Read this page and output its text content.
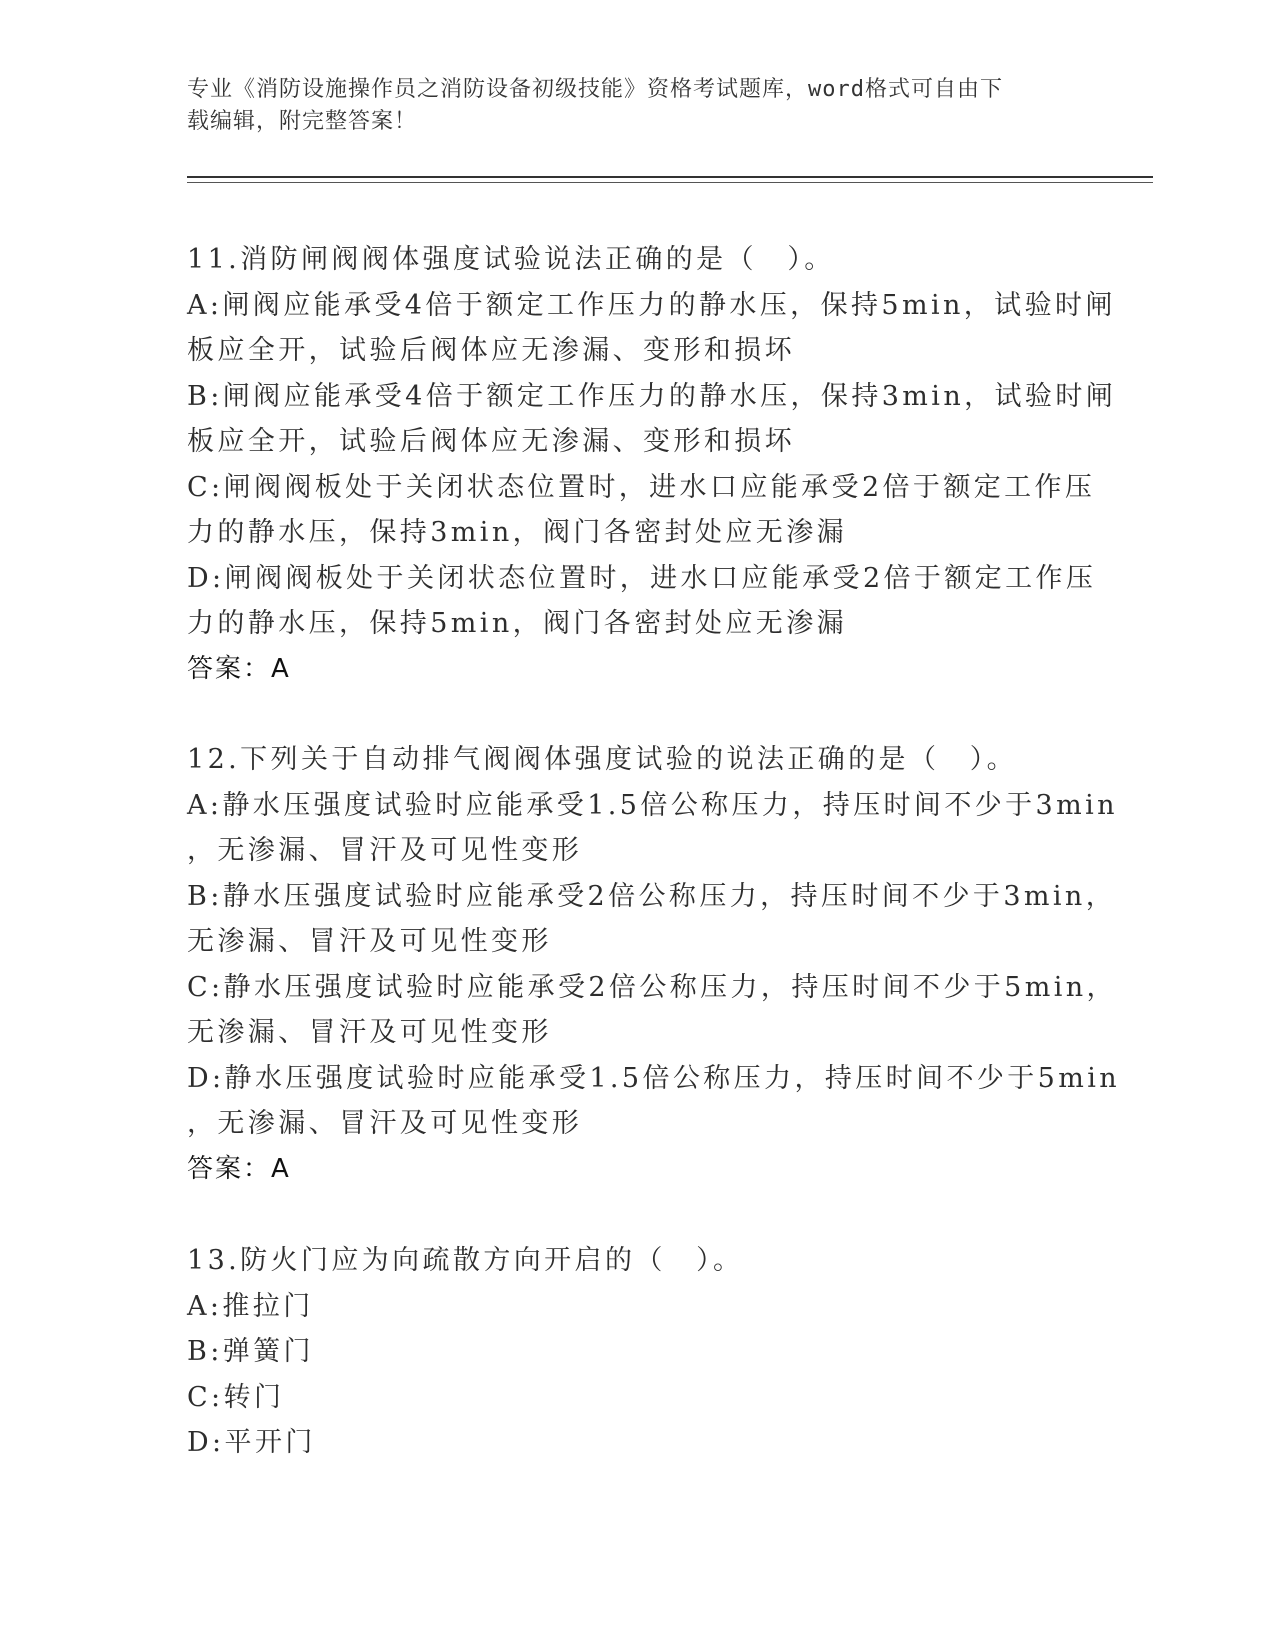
专业《消防设施操作员之消防设备初级技能》资格考试题库，word格式可自由下
载编辑，附完整答案！
11.消防闸阀阀体强度试验说法正确的是（　）。
A:闸阀应能承受4倍于额定工作压力的静水压，保持5min，试验时闸
板应全开，试验后阀体应无渗漏、变形和损坏
B:闸阀应能承受4倍于额定工作压力的静水压，保持3min，试验时闸
板应全开，试验后阀体应无渗漏、变形和损坏
C:闸阀阀板处于关闭状态位置时，进水口应能承受2倍于额定工作压
力的静水压，保持3min，阀门各密封处应无渗漏
D:闸阀阀板处于关闭状态位置时，进水口应能承受2倍于额定工作压
力的静水压，保持5min，阀门各密封处应无渗漏
答案：A
12.下列关于自动排气阀阀体强度试验的说法正确的是（　）。
A:静水压强度试验时应能承受1.5倍公称压力，持压时间不少于3min
，无渗漏、冒汗及可见性变形
B:静水压强度试验时应能承受2倍公称压力，持压时间不少于3min，
无渗漏、冒汗及可见性变形
C:静水压强度试验时应能承受2倍公称压力，持压时间不少于5min，
无渗漏、冒汗及可见性变形
D:静水压强度试验时应能承受1.5倍公称压力，持压时间不少于5min
，无渗漏、冒汗及可见性变形
答案：A
13.防火门应为向疏散方向开启的（　）。
A:推拉门
B:弹簧门
C:转门
D:平开门
